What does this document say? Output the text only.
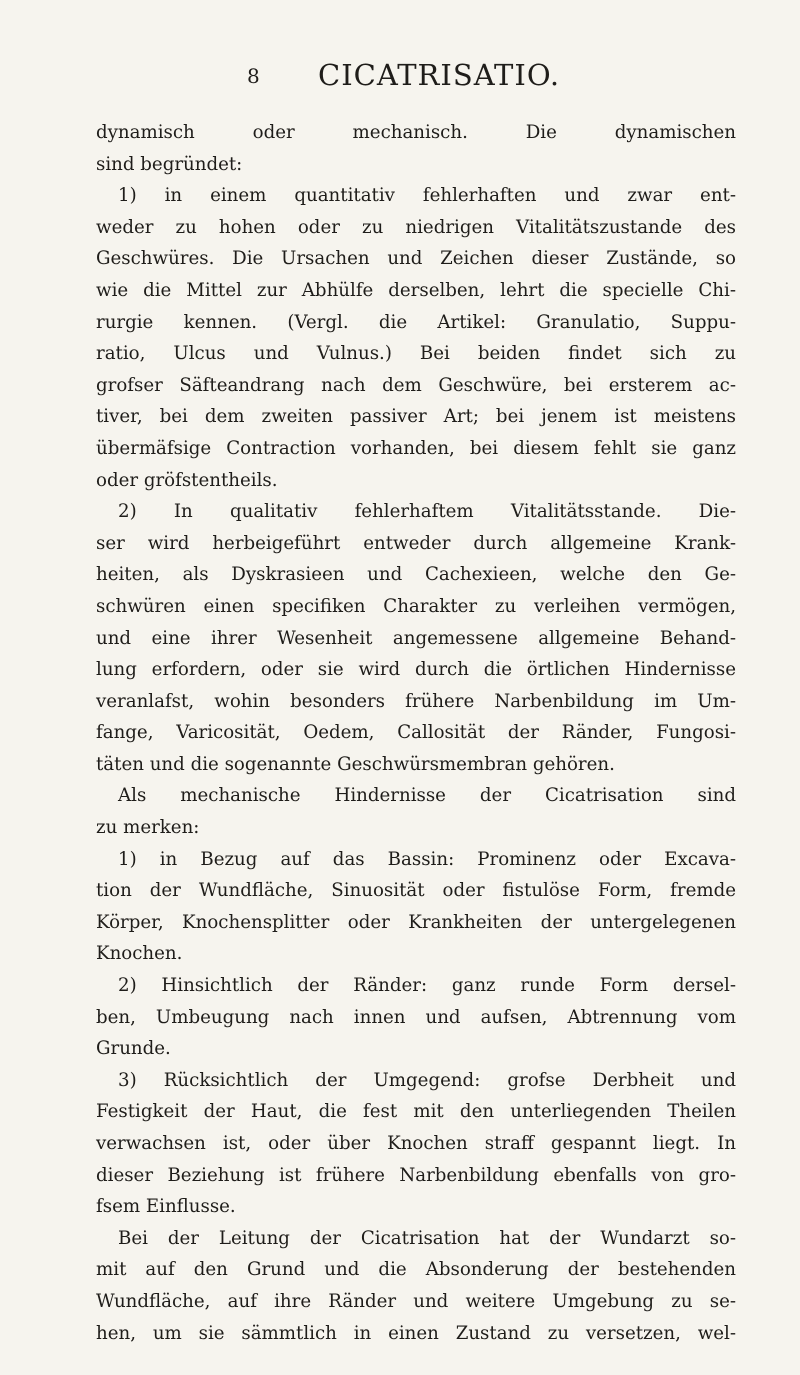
8 CICATRISATIO.
dynamisch oder mechanisch. Die dynamischen
sind begründet:
1) in einem quantitativ fehlerhaften und zwar ent-
weder zu hohen oder zu niedrigen Vitalitätszustande des
Geschwüres. Die Ursachen und Zeichen dieser Zustände, so
wie die Mittel zur Abhülfe derselben, lehrt die specielle Chi-
rurgie kennen. (Vergl. die Artikel: Granulatio, Suppu-
ratio, Ulcus und Vulnus.) Bei beiden findet sich zu
grofser Säfteandrang nach dem Geschwüre, bei ersterem ac-
tiver, bei dem zweiten passiver Art; bei jenem ist meistens
übermäfsige Contraction vorhanden, bei diesem fehlt sie ganz
oder gröfstentheils.
2) In qualitativ fehlerhaftem Vitalitätsstande. Die-
ser wird herbeigeführt entweder durch allgemeine Krank-
heiten, als Dyskrasieen und Cachexieen, welche den Ge-
schwüren einen specifiken Charakter zu verleihen vermögen,
und eine ihrer Wesenheit angemessene allgemeine Behand-
lung erfordern, oder sie wird durch die örtlichen Hindernisse
veranlafst, wohin besonders frühere Narbenbildung im Um-
fange, Varicosität, Oedem, Callosität der Ränder, Fungosi-
täten und die sogenannte Geschwürsmembran gehören.
Als mechanische Hindernisse der Cicatrisation sind
zu merken:
1) in Bezug auf das Bassin: Prominenz oder Excava-
tion der Wundfläche, Sinuosität oder fistulöse Form, fremde
Körper, Knochensplitter oder Krankheiten der untergelegenen
Knochen.
2) Hinsichtlich der Ränder: ganz runde Form dersel-
ben, Umbeugung nach innen und aufsen, Abtrennung vom
Grunde.
3) Rücksichtlich der Umgegend: grofse Derbheit und
Festigkeit der Haut, die fest mit den unterliegenden Theilen
verwachsen ist, oder über Knochen straff gespannt liegt. In
dieser Beziehung ist frühere Narbenbildung ebenfalls von gro-
fsem Einflusse.
Bei der Leitung der Cicatrisation hat der Wundarzt so-
mit auf den Grund und die Absonderung der bestehenden
Wundfläche, auf ihre Ränder und weitere Umgebung zu se-
hen, um sie sämmtlich in einen Zustand zu versetzen, wel-
